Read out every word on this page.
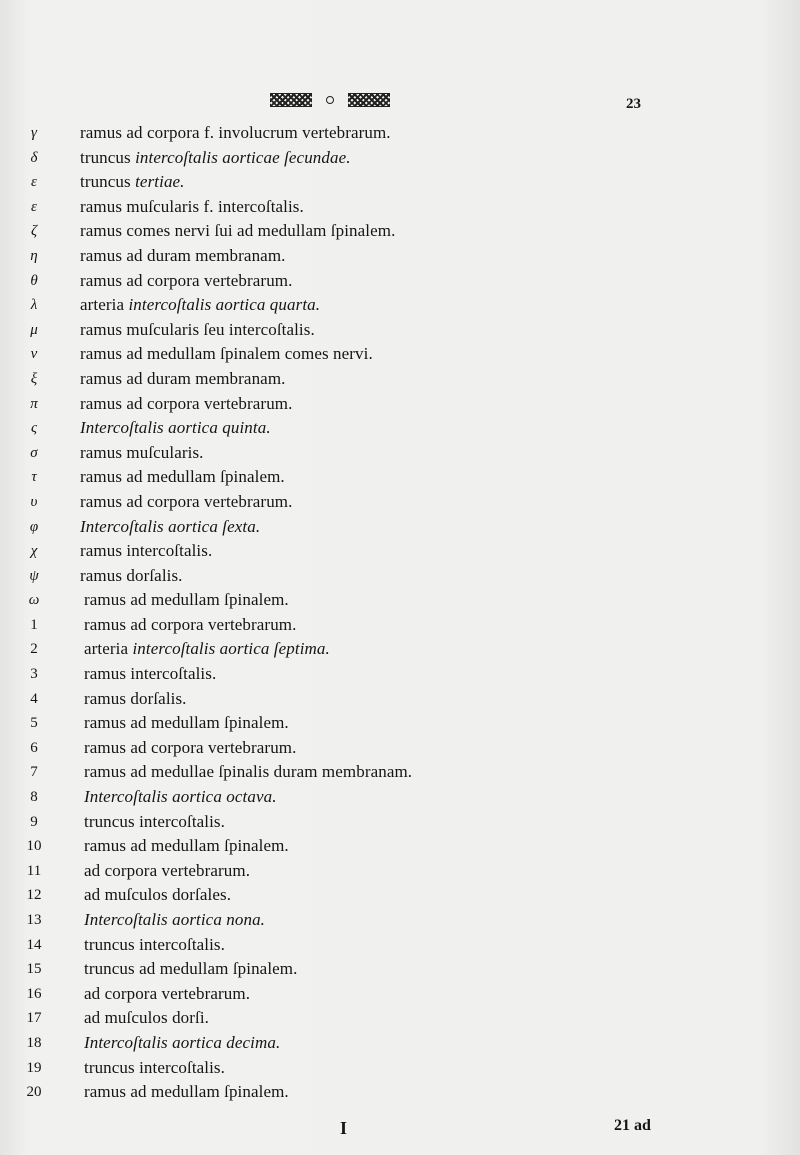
23
γ	ramus ad corpora f. involucrum vertebrarum.
δ	truncus intercoſtalis aorticae ſecundae.
ε	truncus tertiae.
ε	ramus muſcularis f. intercoſtalis.
ζ	ramus comes nervi ſui ad medullam ſpinalem.
η	ramus ad duram membranam.
θ	ramus ad corpora vertebrarum.
λ	arteria intercoſtalis aortica quarta.
μ	ramus muſcularis ſeu intercoſtalis.
ν	ramus ad medullam ſpinalem comes nervi.
ξ	ramus ad duram membranam.
π	ramus ad corpora vertebrarum.
ς	Intercoſtalis aortica quinta.
σ	ramus muſcularis.
τ	ramus ad medullam ſpinalem.
υ	ramus ad corpora vertebrarum.
φ	Intercoſtalis aortica ſexta.
χ	ramus intercoſtalis.
ψ	ramus dorſalis.
ω	ramus ad medullam ſpinalem.
1	ramus ad corpora vertebrarum.
2	arteria intercoſtalis aortica ſeptima.
3	ramus intercoſtalis.
4	ramus dorſalis.
5	ramus ad medullam ſpinalem.
6	ramus ad corpora vertebrarum.
7	ramus ad medullae ſpinalis duram membranam.
8	Intercoſtalis aortica octava.
9	truncus intercoſtalis.
10	ramus ad medullam ſpinalem.
11	ad corpora vertebrarum.
12	ad muſculos dorſales.
13	Intercoſtalis aortica nona.
14	truncus intercoſtalis.
15	truncus ad medullam ſpinalem.
16	ad corpora vertebrarum.
17	ad muſculos dorſi.
18	Intercoſtalis aortica decima.
19	truncus intercoſtalis.
20	ramus ad medullam ſpinalem.
I	21 ad
